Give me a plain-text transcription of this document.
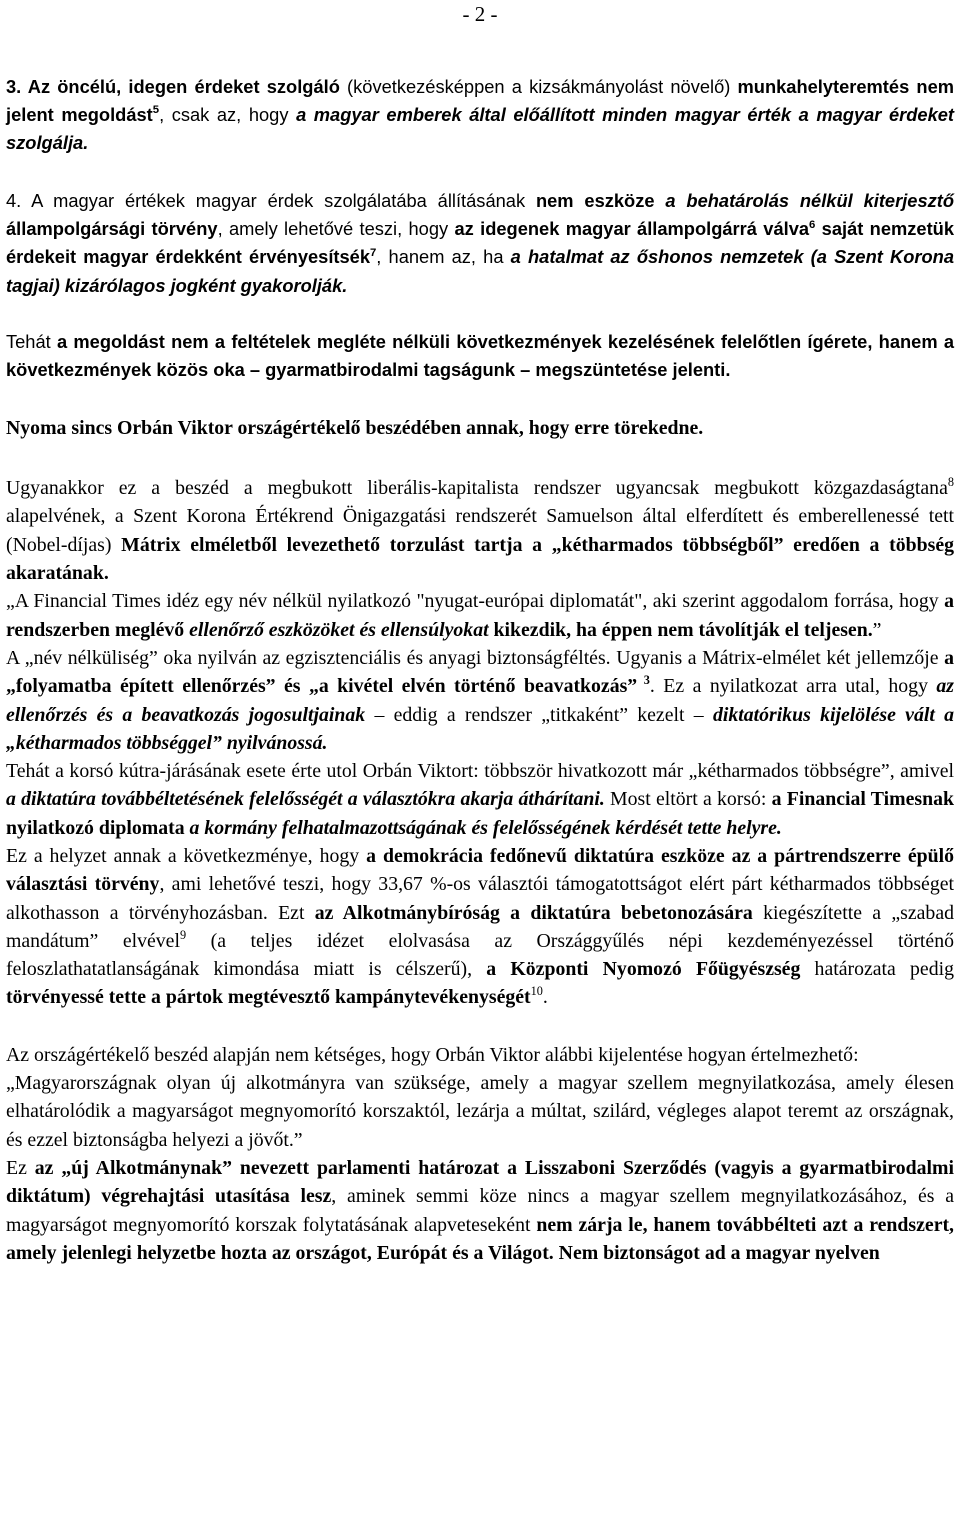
- 2 -

3. Az öncélú, idegen érdeket szolgáló (következésképpen a kizsákmányolást növelő) munkahelyteremtés nem jelent megoldást$^5$, csak az, hogy a magyar emberek által előállított minden magyar érték a magyar érdeket szolgálja.

4. A magyar értékek magyar érdek szolgálatába állításának nem eszköze a behatárolás nélkül kiterjesztő állampolgársági törvény, amely lehetővé teszi, hogy az idegenek magyar állampolgárrá válva$^6$ saját nemzetük érdekeit magyar érdekként érvényesítsék$^7$, hanem az, ha a hatalmat az őshonos nemzetek (a Szent Korona tagjai) kizárólagos jogként gyakorolják.

Tehát a megoldást nem a feltételek megléte nélküli következmények kezelésének felelőtlen ígérete, hanem a következmények közös oka – gyarmatbirodalmi tagságunk – megszüntetése jelenti.

Nyoma sincs Orbán Viktor országértékelő beszédében annak, hogy erre törekedne.

Ugyanakkor ez a beszéd a megbukott liberális-kapitalista rendszer ugyancsak megbukott közgazdaságtana$^8$ alapelvének, a Szent Korona Értékrend Önigazgatási rendszerét Samuelson által elferdített és emberellenessé tett (Nobel-díjas) Mátrix elméletből levezethető torzulást tartja a „kétharmados többségből” eredően a többség akaratának.

„A Financial Times idéz egy név nélkül nyilatkozó "nyugat-európai diplomatát", aki szerint aggodalom forrása, hogy a rendszerben meglévő ellenőrző eszközöket és ellensúlyokat kikezdik, ha éppen nem távolítják el teljesen.”

A „név nélküliség” oka nyilván az egzisztenciális és anyagi biztonságféltés. Ugyanis a Mátrix-elmélet két jellemzője a „folyamatba épített ellenőrzés” és „a kivétel elvén történő beavatkozás” $^3$. Ez a nyilatkozat arra utal, hogy az ellenőrzés és a beavatkozás jogosultjainak – eddig a rendszer „titkaként” kezelt – diktatórikus kijelölése vált a „kétharmados többséggel” nyilvánossá.

Tehát a korsó kútra-járásának esete érte utol Orbán Viktort: többször hivatkozott már „kétharmados többségre”, amivel a diktatúra továbbéltetésének felelősségét a választókra akarja áthárítani. Most eltört a korsó: a Financial Timesnak nyilatkozó diplomata a kormány felhatalmazottságának és felelősségének kérdését tette helyre.

Ez a helyzet annak a következménye, hogy a demokrácia fedőnevű diktatúra eszköze az a pártrendszerre épülő választási törvény, ami lehetővé teszi, hogy 33,67 %-os választói támogatottságot elért párt kétharmados többséget alkothasson a törvényhozásban. Ezt az Alkotmánybíróság a diktatúra bebetonozására kiegészítette a „szabad mandátum” elvével$^9$ (a teljes idézet elolvasása az Országgyűlés népi kezdeményezéssel történő feloszlathatatlanságának kimondása miatt is célszerű), a Központi Nyomozó Főügyészség határozata pedig törvényessé tette a pártok megtévesztő kampánytevékenységét$^{10}$.

Az országértékelő beszéd alapján nem kétséges, hogy Orbán Viktor alábbi kijelentése hogyan értelmezhető:

„Magyarországnak olyan új alkotmányra van szüksége, amely a magyar szellem megnyilatkozása, amely élesen elhatárolódik a magyarságot megnyomorító korszaktól, lezárja a múltat, szilárd, végleges alapot teremt az országnak, és ezzel biztonságba helyezi a jövőt.”

Ez az „új Alkotmánynak” nevezett parlamenti határozat a Lisszaboni Szerződés (vagyis a gyarmatbirodalmi diktátum) végrehajtási utasítása lesz, aminek semmi köze nincs a magyar szellem megnyilatkozásához, és a magyarságot megnyomorító korszak folytatásának alapveteseként nem zárja le, hanem továbbélteti azt a rendszert, amely jelenlegi helyzetbe hozta az országot, Európát és a Világot. Nem biztonságot ad a magyar nyelven
